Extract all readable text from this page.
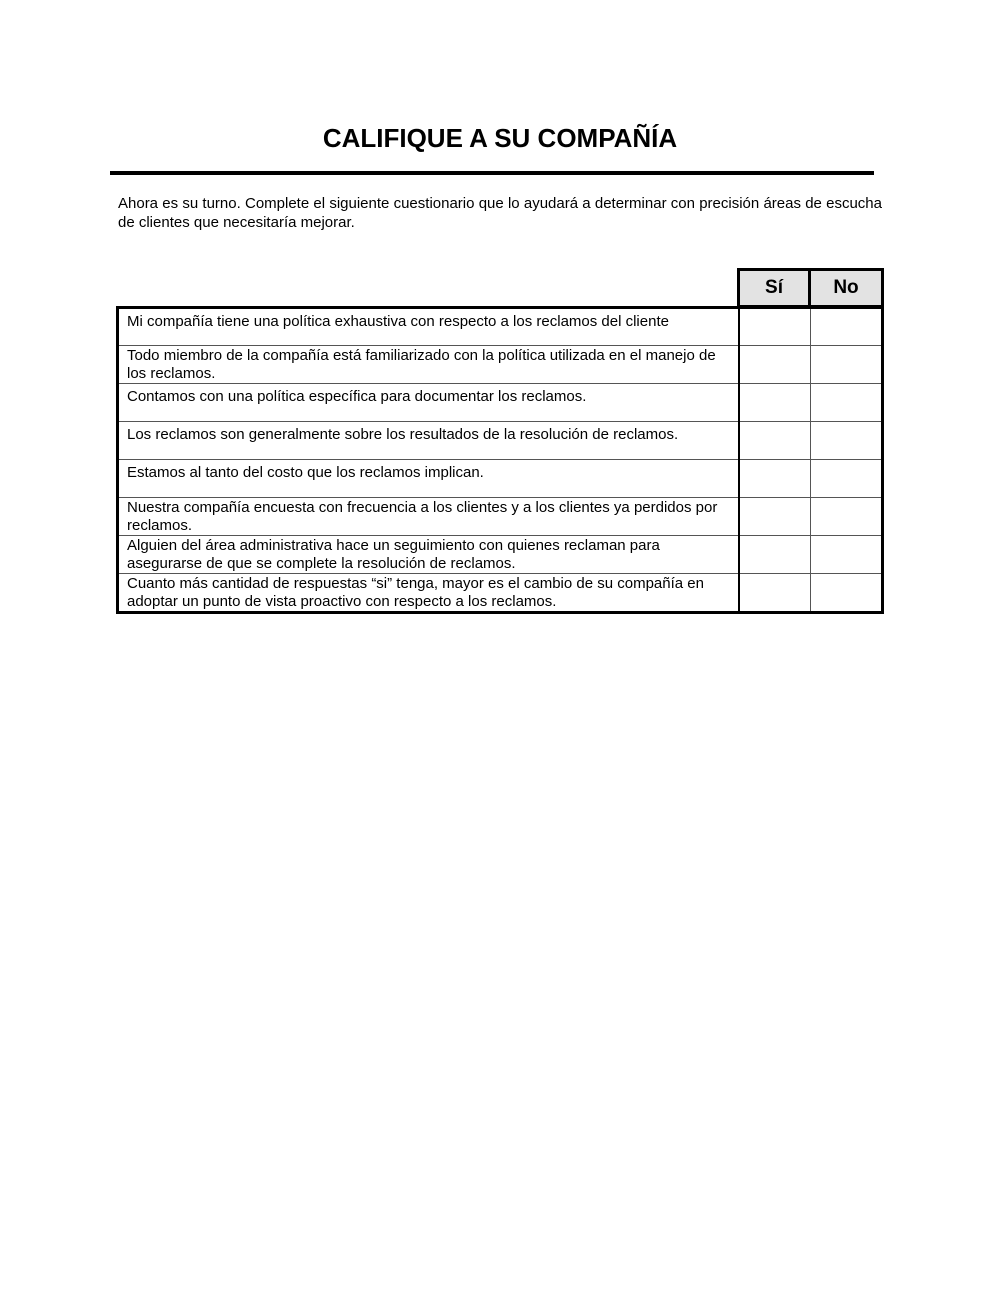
CALIFIQUE A SU COMPAÑÍA
Ahora es su turno. Complete el siguiente cuestionario que lo ayudará a determinar con precisión áreas de escucha de clientes que necesitaría mejorar.
Sí	No
Mi compañía tiene una política exhaustiva con respecto a los reclamos del cliente		
Todo miembro de la compañía está familiarizado con la política utilizada en el manejo de los reclamos.		
Contamos con una política específica para documentar los reclamos.		
Los reclamos son generalmente sobre los resultados de la resolución de reclamos.		
Estamos al tanto del costo que los reclamos implican.		
Nuestra compañía encuesta con frecuencia a los clientes y a los clientes ya perdidos por reclamos.		
Alguien del área administrativa hace un seguimiento con quienes reclaman para asegurarse de que se complete la resolución de reclamos.		
Cuanto más cantidad de respuestas “si” tenga, mayor es el cambio de su compañía en adoptar un punto de vista proactivo con respecto a los reclamos.		
